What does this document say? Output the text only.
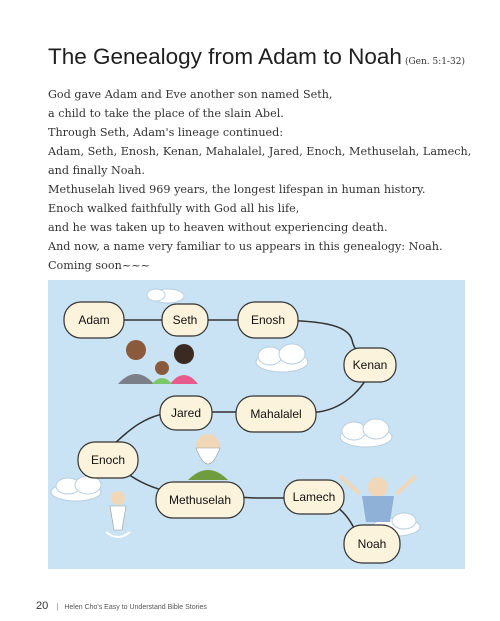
The Genealogy from Adam to Noah (Gen. 5:1-32)
God gave Adam and Eve another son named Seth,
a child to take the place of the slain Abel.
Through Seth, Adam's lineage continued:
Adam, Seth, Enosh, Kenan, Mahalalel, Jared, Enoch, Methuselah, Lamech,
and finally Noah.
Methuselah lived 969 years, the longest lifespan in human history.
Enoch walked faithfully with God all his life,
and he was taken up to heaven without experiencing death.
And now, a name very familiar to us appears in this genealogy: Noah.
Coming soon~~~
Adam	Seth	Enosh
Kenan
Jared	Mahalalel
Enoch
Methuselah	Lamech
Noah
20 | Helen Cho's Easy to Understand Bible Stories
